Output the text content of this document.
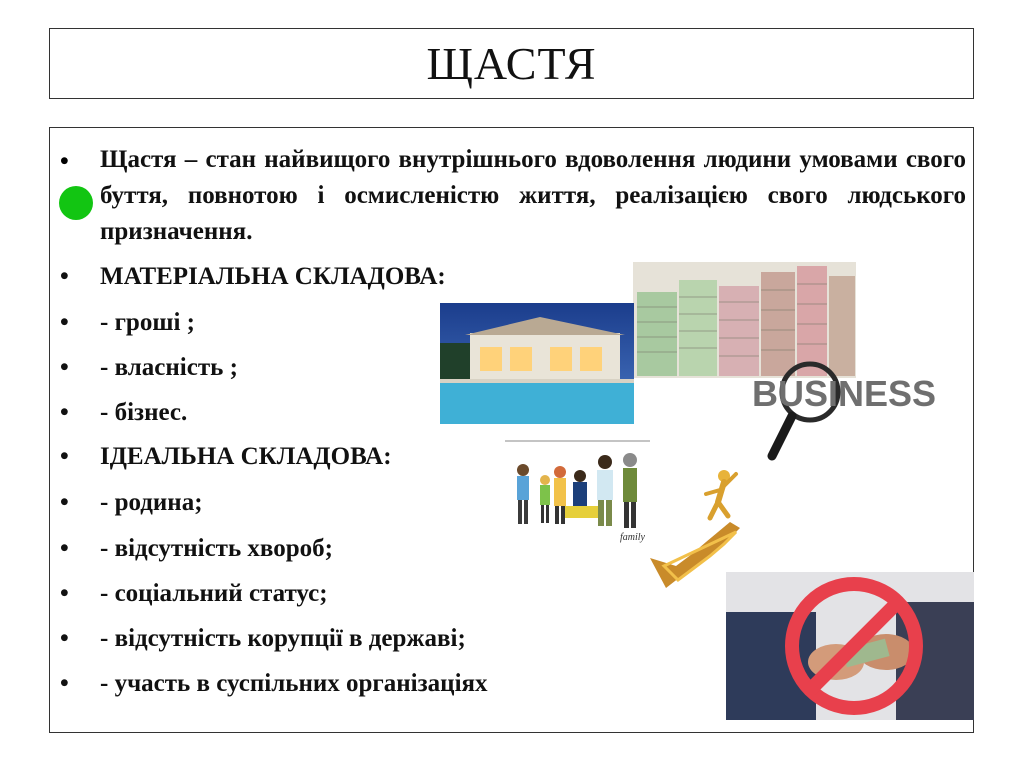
ЩАСТЯ
• Щастя – стан найвищого внутрішнього вдоволення людини умовами свого буття, повнотою і осмисленістю життя, реалізацією свого людського призначення.
• МАТЕРІАЛЬНА СКЛАДОВА:
• - гроші ;
• - власність ;
• - бізнес.
• ІДЕАЛЬНА СКЛАДОВА:
• - родина;
• - відсутність хвороб;
• - соціальний статус;
• - відсутність корупції в державі;
• - участь в суспільних організаціях
BUSINESS
family
